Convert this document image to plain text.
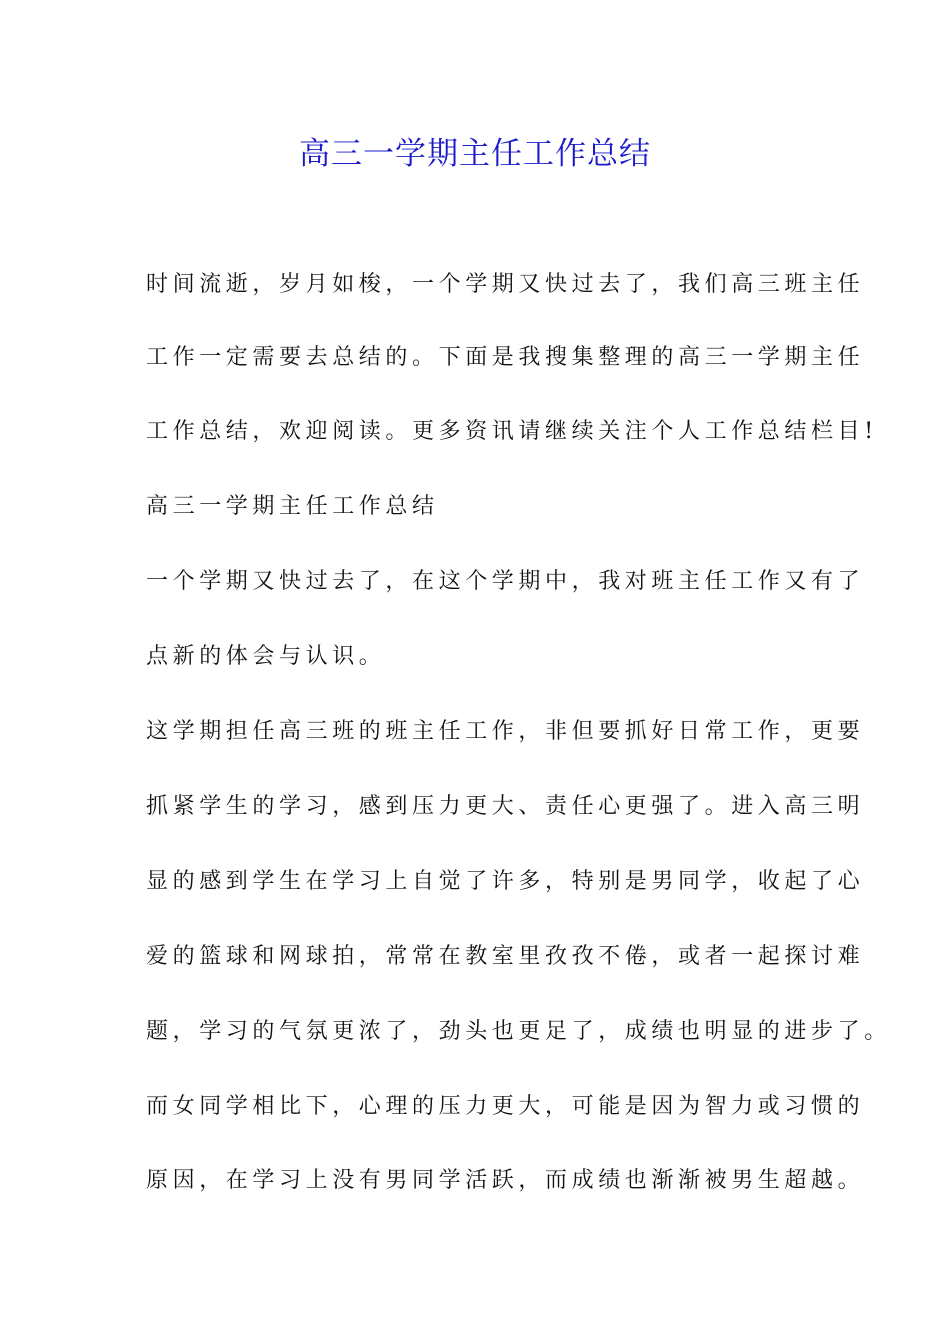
高三一学期主任工作总结
时间流逝，岁月如梭，一个学期又快过去了，我们高三班主任
工作一定需要去总结的。下面是我搜集整理的高三一学期主任
工作总结，欢迎阅读。更多资讯请继续关注个人工作总结栏目!
高三一学期主任工作总结
一个学期又快过去了，在这个学期中，我对班主任工作又有了
点新的体会与认识。
这学期担任高三班的班主任工作，非但要抓好日常工作，更要
抓紧学生的学习，感到压力更大、责任心更强了。进入高三明
显的感到学生在学习上自觉了许多，特别是男同学，收起了心
爱的篮球和网球拍，常常在教室里孜孜不倦，或者一起探讨难
题，学习的气氛更浓了，劲头也更足了，成绩也明显的进步了。
而女同学相比下，心理的压力更大，可能是因为智力或习惯的
原因，在学习上没有男同学活跃，而成绩也渐渐被男生超越。
